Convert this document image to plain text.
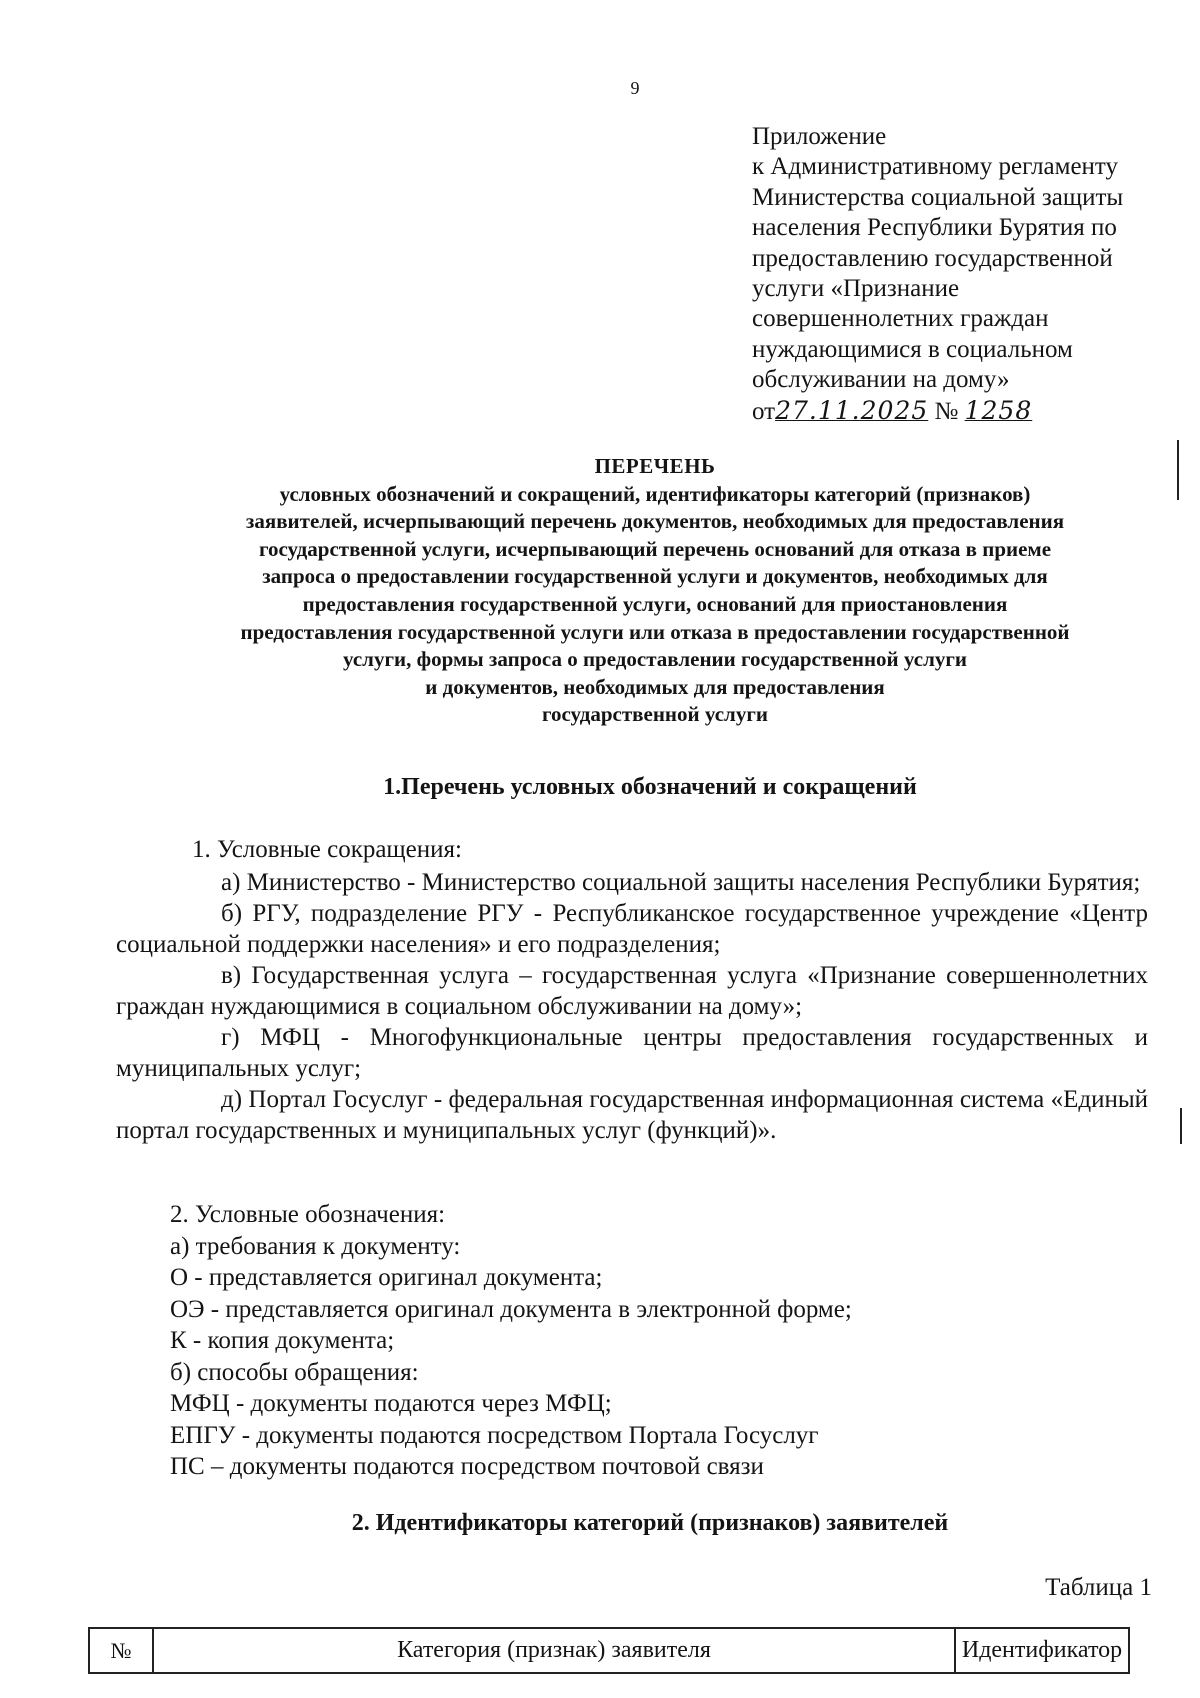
9
Приложение
к Административному регламенту
Министерства социальной защиты
населения Республики Бурятия по
предоставлению государственной
услуги «Признание
совершеннолетних граждан
нуждающимися в социальном
обслуживании на дому»
от27.11.2025 № 1258
ПЕРЕЧЕНЬ
условных обозначений и сокращений, идентификаторы категорий (признаков)
заявителей, исчерпывающий перечень документов, необходимых для предоставления
государственной услуги, исчерпывающий перечень оснований для отказа в приеме
запроса о предоставлении государственной услуги и документов, необходимых для
предоставления государственной услуги, оснований для приостановления
предоставления государственной услуги или отказа в предоставлении государственной
услуги, формы запроса о предоставлении государственной услуги
и документов, необходимых для предоставления
государственной услуги
1.Перечень условных обозначений и сокращений
1. Условные сокращения:

а) Министерство - Министерство социальной защиты населения Республики Бурятия;

б) РГУ, подразделение РГУ - Республиканское государственное учреждение «Центр социальной поддержки населения» и его подразделения;

в) Государственная услуга – государственная услуга «Признание совершеннолетних граждан нуждающимися в социальном обслуживании на дому»;

г) МФЦ - Многофункциональные центры предоставления государственных и муниципальных услуг;

д) Портал Госуслуг - федеральная государственная информационная система «Единый портал государственных и муниципальных услуг (функций)».

2. Условные обозначения:
а) требования к документу:
О - представляется оригинал документа;
ОЭ - представляется оригинал документа в электронной форме;
К - копия документа;
б) способы обращения:
МФЦ - документы подаются через МФЦ;
ЕПГУ - документы подаются посредством Портала Госуслуг
ПС – документы подаются посредством почтовой связи
2. Идентификаторы категорий (признаков) заявителей
Таблица 1
№	Категория (признак) заявителя	Идентификатор
